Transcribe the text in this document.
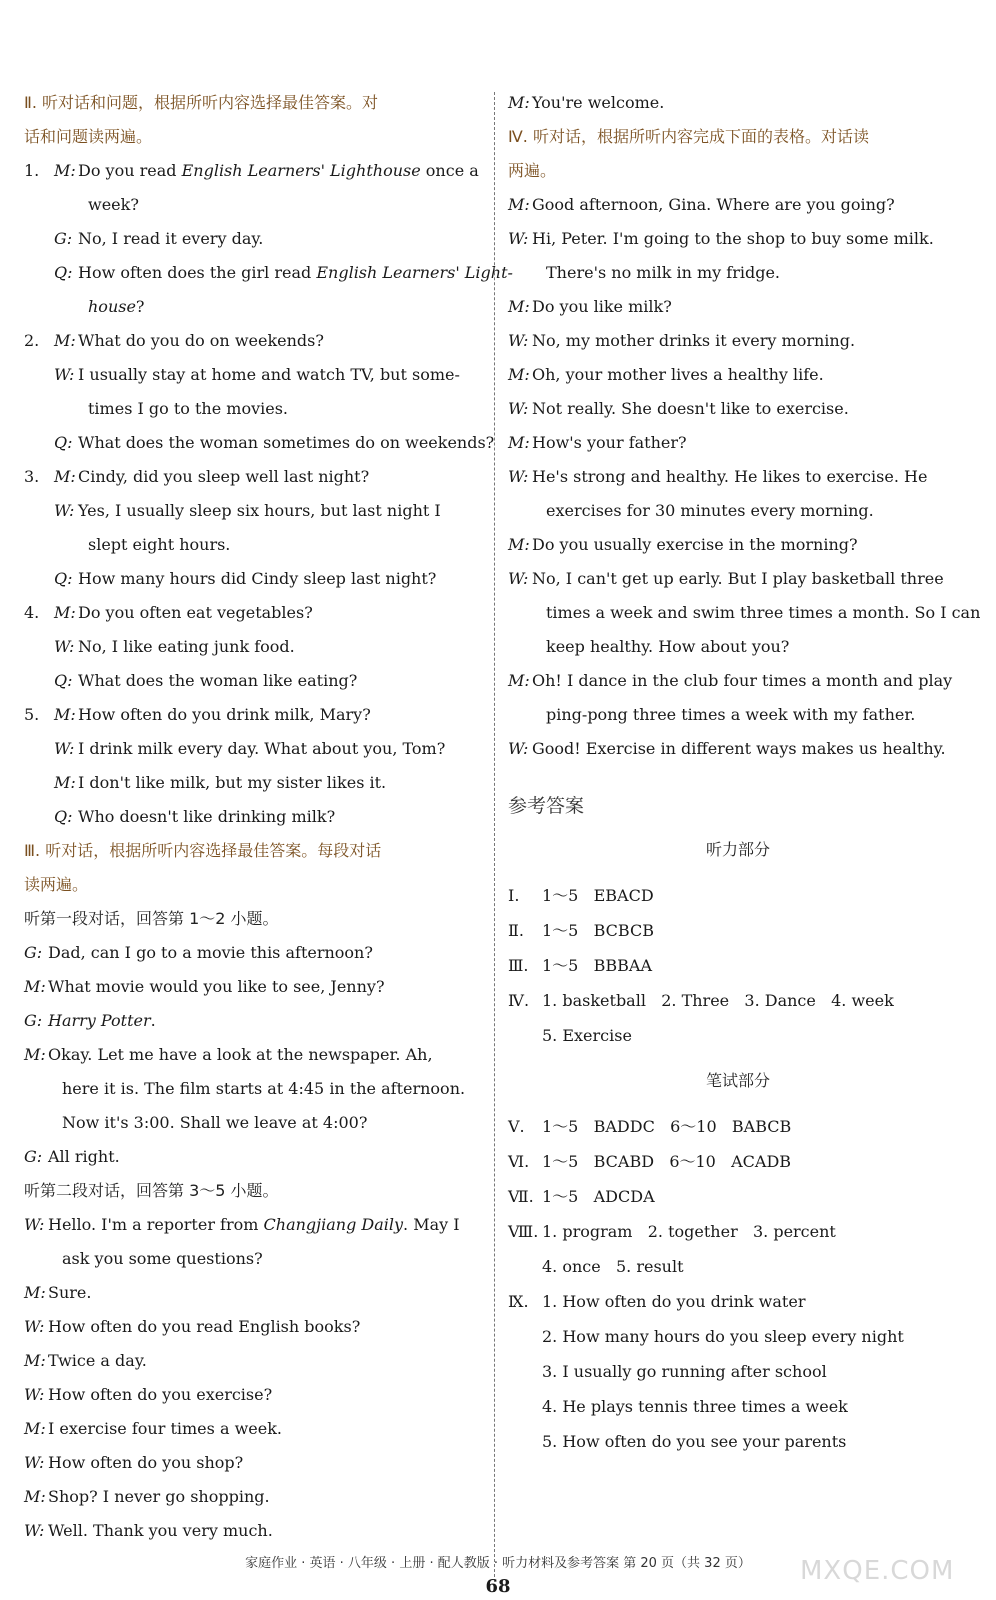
Ⅱ. 听对话和问题，根据所听内容选择最佳答案。对
话和问题读两遍。
1. M: Do you read English Learners' Lighthouse once a
week?
G: No, I read it every day.
Q: How often does the girl read English Learners' Light-
house?
2. M: What do you do on weekends?
W: I usually stay at home and watch TV, but some-
times I go to the movies.
Q: What does the woman sometimes do on weekends?
3. M: Cindy, did you sleep well last night?
W: Yes, I usually sleep six hours, but last night I
slept eight hours.
Q: How many hours did Cindy sleep last night?
4. M: Do you often eat vegetables?
W: No, I like eating junk food.
Q: What does the woman like eating?
5. M: How often do you drink milk, Mary?
W: I drink milk every day. What about you, Tom?
M: I don't like milk, but my sister likes it.
Q: Who doesn't like drinking milk?
Ⅲ. 听对话，根据所听内容选择最佳答案。每段对话
读两遍。
听第一段对话，回答第 1～2 小题。
G: Dad, can I go to a movie this afternoon?
M: What movie would you like to see, Jenny?
G: Harry Potter.
M: Okay. Let me have a look at the newspaper. Ah,
here it is. The film starts at 4:45 in the afternoon.
Now it's 3:00. Shall we leave at 4:00?
G: All right.
听第二段对话，回答第 3～5 小题。
W: Hello. I'm a reporter from Changjiang Daily. May I
ask you some questions?
M: Sure.
W: How often do you read English books?
M: Twice a day.
W: How often do you exercise?
M: I exercise four times a week.
W: How often do you shop?
M: Shop? I never go shopping.
W: Well. Thank you very much.
M: You're welcome.
Ⅳ. 听对话，根据所听内容完成下面的表格。对话读
两遍。
M: Good afternoon, Gina. Where are you going?
W: Hi, Peter. I'm going to the shop to buy some milk.
There's no milk in my fridge.
M: Do you like milk?
W: No, my mother drinks it every morning.
M: Oh, your mother lives a healthy life.
W: Not really. She doesn't like to exercise.
M: How's your father?
W: He's strong and healthy. He likes to exercise. He
exercises for 30 minutes every morning.
M: Do you usually exercise in the morning?
W: No, I can't get up early. But I play basketball three
times a week and swim three times a month. So I can
keep healthy. How about you?
M: Oh! I dance in the club four times a month and play
ping-pong three times a week with my father.
W: Good! Exercise in different ways makes us healthy.
参考答案
听力部分
Ⅰ. 1～5   EBACD
Ⅱ. 1～5   BCBCB
Ⅲ. 1～5   BBBAA
Ⅳ. 1. basketball   2. Three   3. Dance   4. week
5. Exercise
笔试部分
Ⅴ. 1～5   BADDC   6～10   BABCB
Ⅵ. 1～5   BCABD   6～10   ACADB
Ⅶ. 1～5   ADCDA
Ⅷ. 1. program   2. together   3. percent
4. once   5. result
Ⅸ. 1. How often do you drink water
2. How many hours do you sleep every night
3. I usually go running after school
4. He plays tennis three times a week
5. How often do you see your parents
家庭作业 · 英语 · 八年级 · 上册 · 配人教版 · 听力材料及参考答案 第 20 页（共 32 页）
68
MXQE.COM
